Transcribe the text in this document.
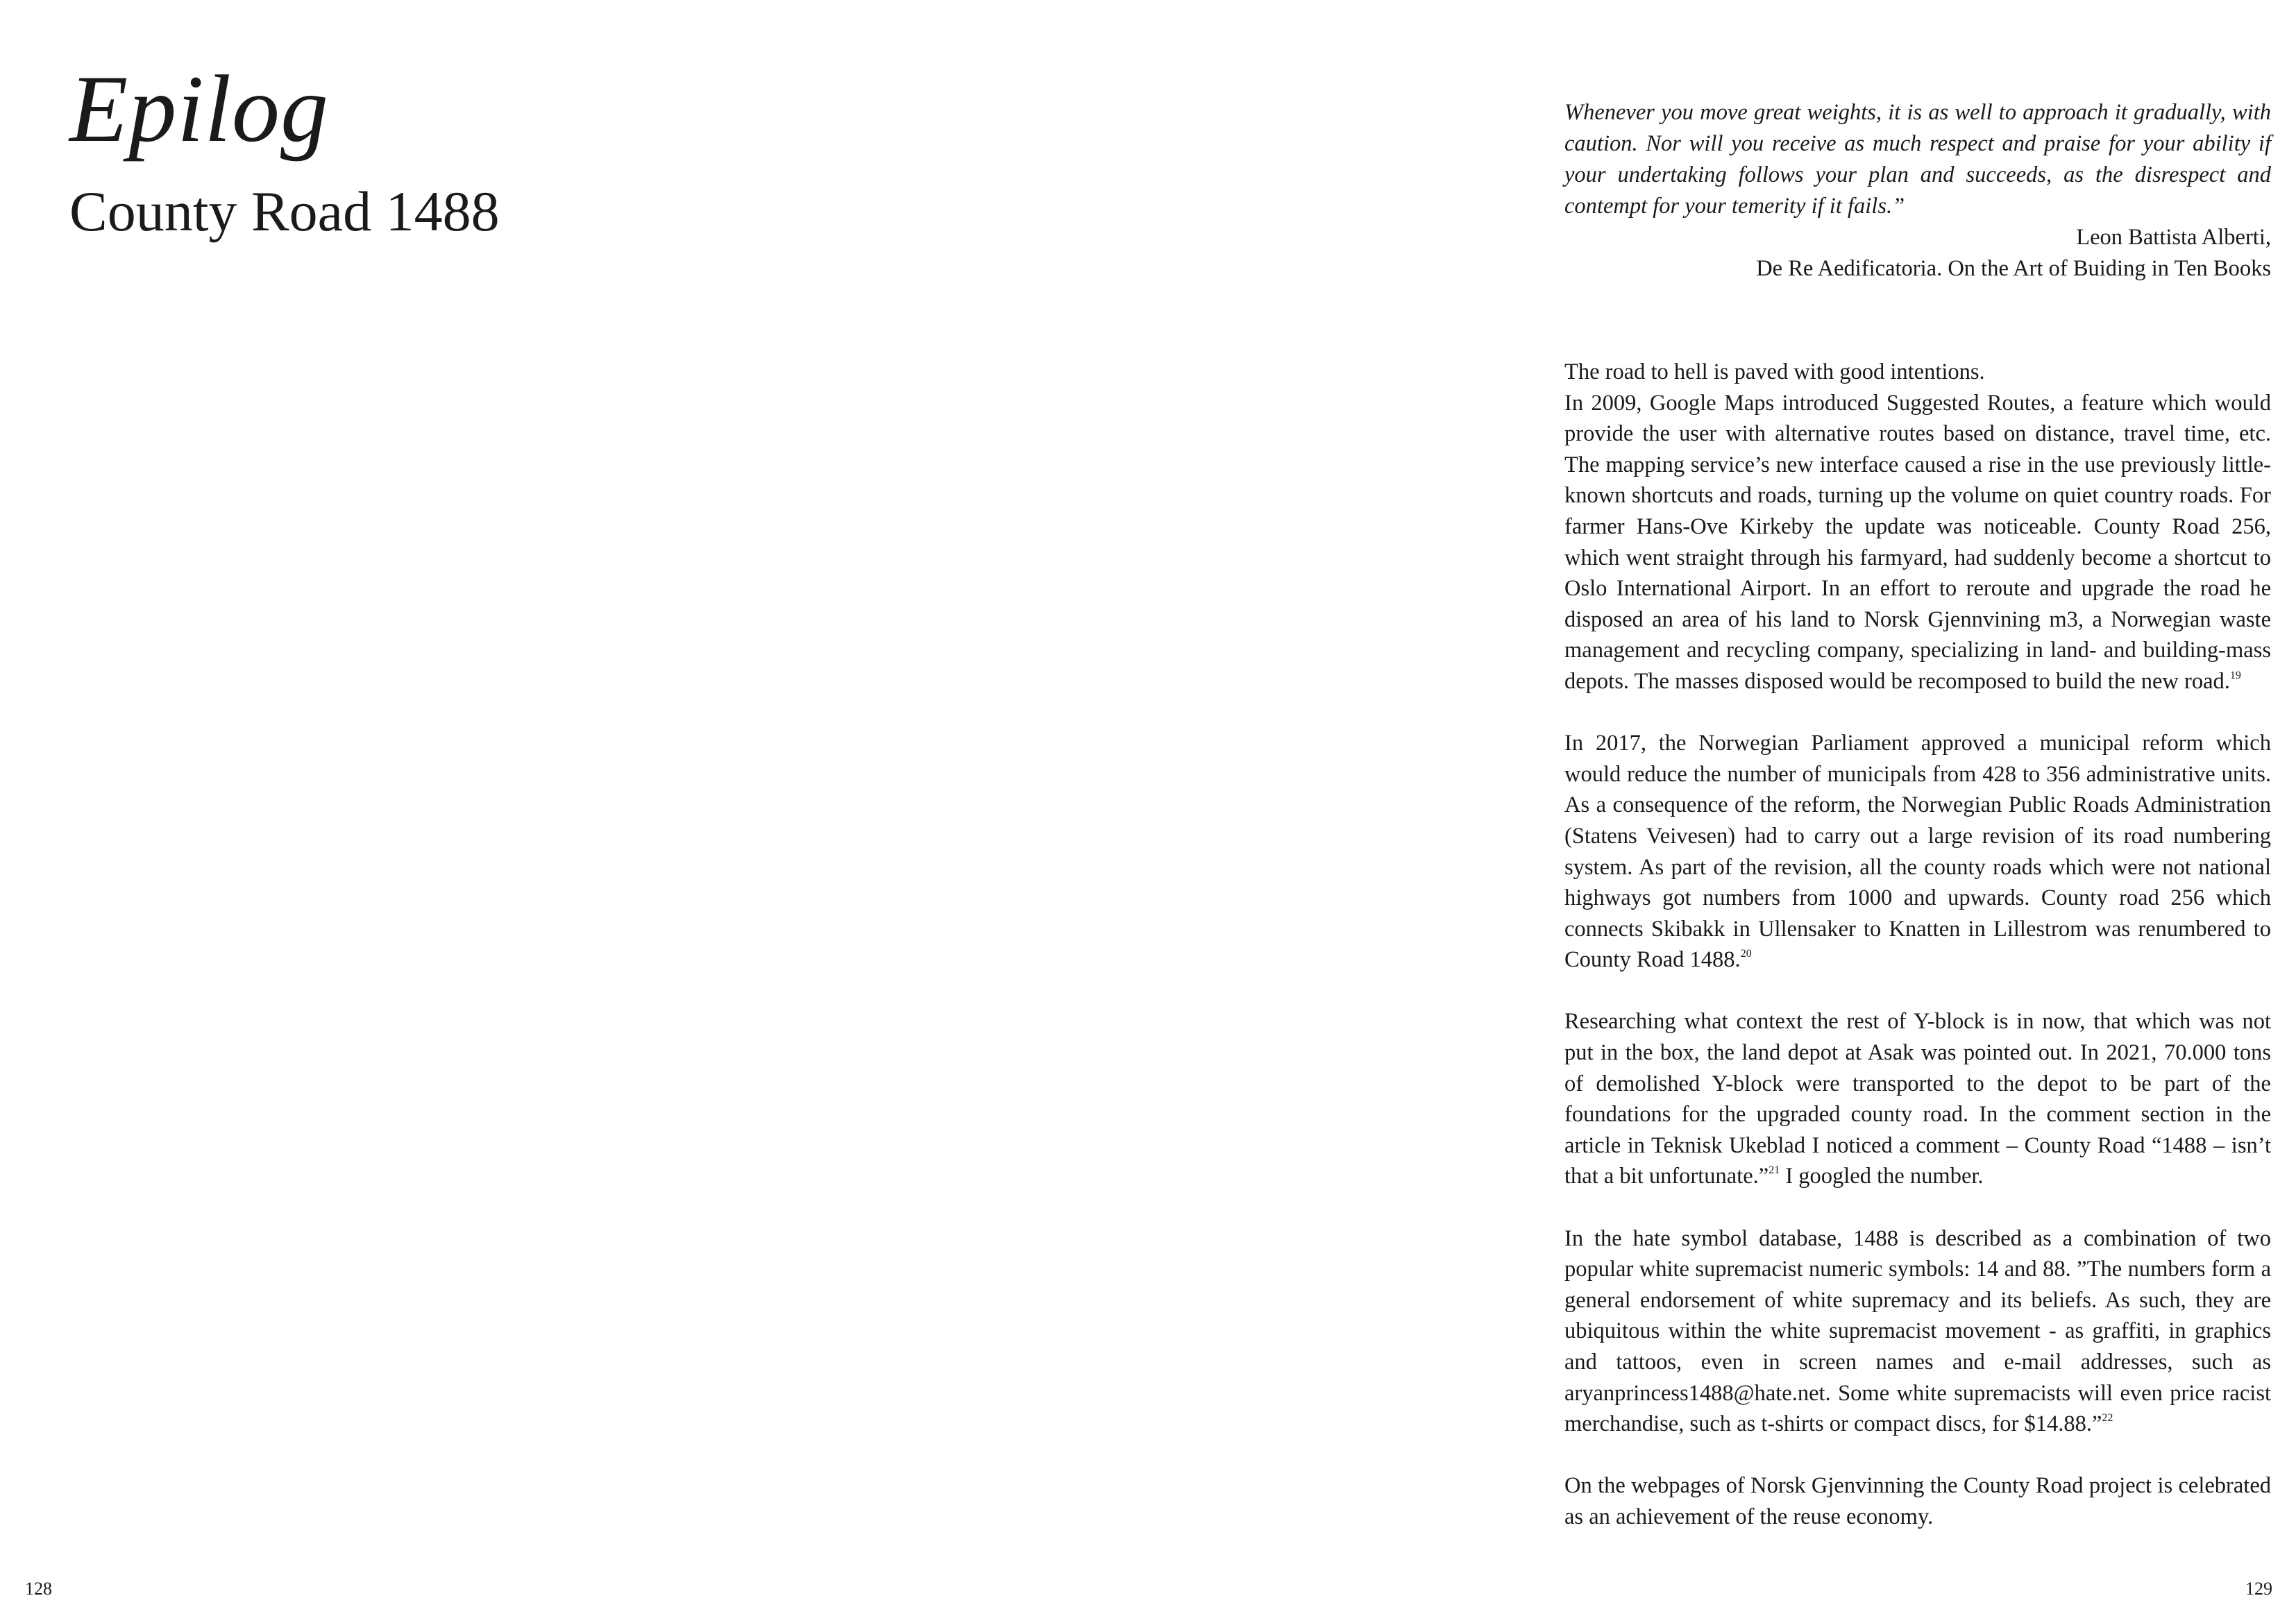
Epilog
County Road 1488
128

Whenever you move great weights, it is as well to approach it gradually, with caution. Nor will you receive as much respect and praise for your ability if your undertaking follows your plan and succeeds, as the disrespect and contempt for your temerity if it fails.”

Leon Battista Alberti,

De Re Aedificatoria. On the Art of Buiding in Ten Books

The road to hell is paved with good intentions.
In 2009, Google Maps introduced Suggested Routes, a feature which would provide the user with alternative routes based on distance, travel time, etc. The mapping service’s new interface caused a rise in the use previously little-known shortcuts and roads, turning up the volume on quiet country roads. For farmer Hans-Ove Kirkeby the update was noticeable. County Road 256, which went straight through his farmyard, had suddenly become a shortcut to Oslo International Airport. In an effort to reroute and upgrade the road he disposed an area of his land to Norsk Gjennvining m3, a Norwegian waste management and recycling company, specializing in land- and building-mass depots. The masses disposed would be recomposed to build the new road.$^{19}$

In 2017, the Norwegian Parliament approved a municipal reform which would reduce the number of municipals from 428 to 356 administrative units. As a consequence of the reform, the Norwegian Public Roads Administration (Statens Veivesen) had to carry out a large revision of its road numbering system. As part of the revision, all the county roads which were not national highways got numbers from 1000 and upwards. County road 256 which connects Skibakk in Ullensaker to Knatten in Lillestrom was renumbered to County Road 1488.20

Researching what context the rest of Y-block is in now, that which was not put in the box, the land depot at Asak was pointed out. In 2021, 70.000 tons of demolished Y-block were transported to the depot to be part of the foundations for the upgraded county road. In the comment section in the article in Teknisk Ukeblad I noticed a comment – County Road “1488 – isn’t that a bit unfortunate.”$^{21}$ I googled the number.

In the hate symbol database, 1488 is described as a combination of two popular white supremacist numeric symbols: 14 and 88. ”The numbers form a general endorsement of white supremacy and its beliefs. As such, they are ubiquitous within the white supremacist movement - as graffiti, in graphics and tattoos, even in screen names and e-mail addresses, such as aryanprincess1488@hate.net. Some white supremacists will even price racist merchandise, such as t-shirts or compact discs, for $14.88.”$^{22}$

On the webpages of Norsk Gjenvinning the County Road project is celebrated as an achievement of the reuse economy.

129
